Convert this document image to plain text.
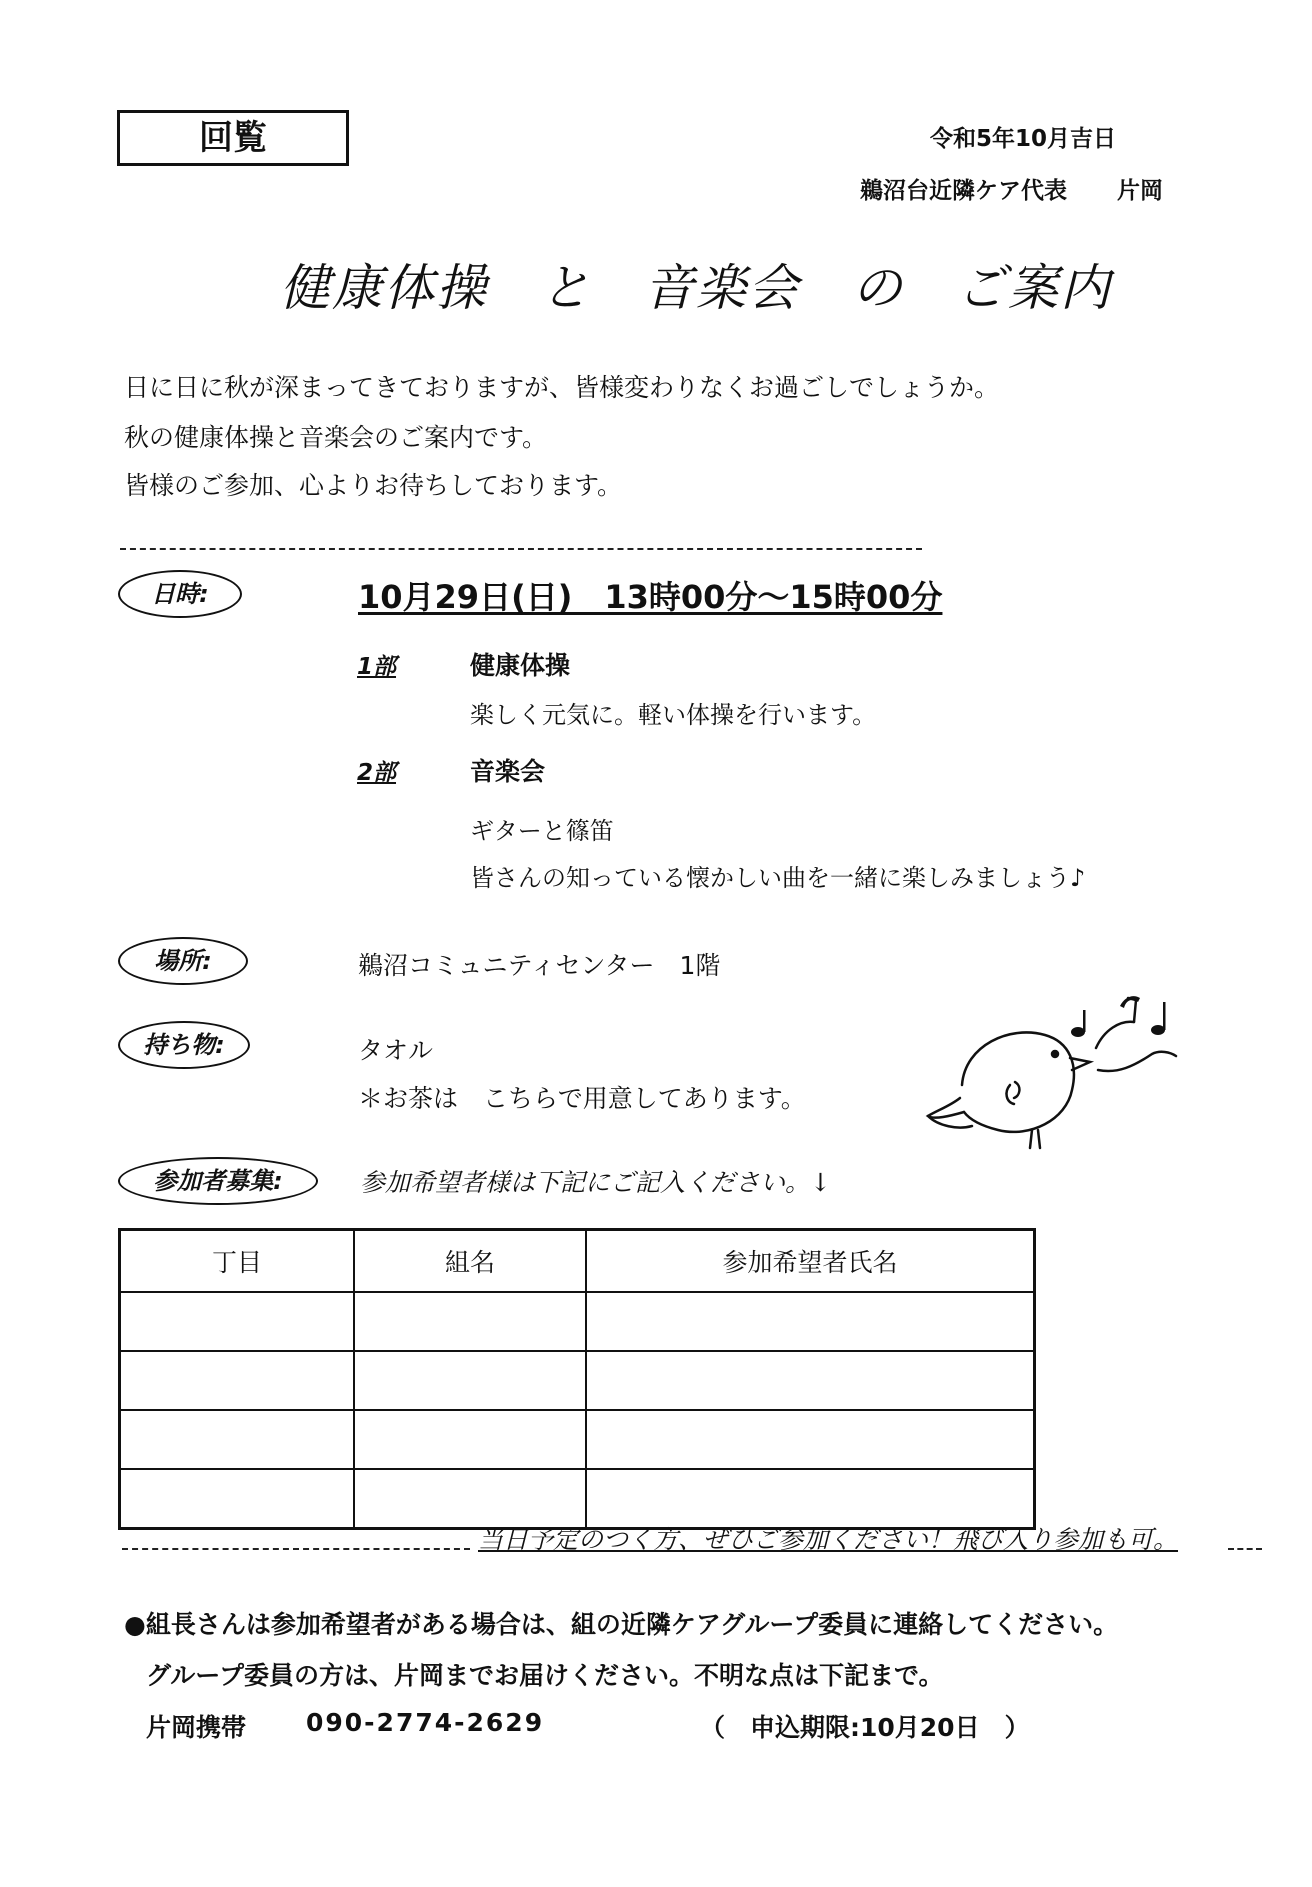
回覧	令和5年10月吉日
鵜沼台近隣ケア代表 片岡
健康体操 と 音楽会 の ご案内
日に日に秋が深まってきておりますが、皆様変わりなくお過ごしでしょうか。
秋の健康体操と音楽会のご案内です。
皆様のご参加、心よりお待ちしております。
日時:	10月29日(日)　13時00分～15時00分
1部	健康体操
楽しく元気に。軽い体操を行います。
2部	音楽会
ギターと篠笛
皆さんの知っている懐かしい曲を一緒に楽しみましょう♪
場所:	鵜沼コミュニティセンター　1階
持ち物:	タオル
＊お茶は　こちらで用意してあります。
参加者募集:	参加希望者様は下記にご記入ください。↓
丁目	組名	参加希望者氏名

当日予定のつく方、ぜひご参加ください！飛び入り参加も可。
●組長さんは参加希望者がある場合は、組の近隣ケアグループ委員に連絡してください。
グループ委員の方は、片岡までお届けください。不明な点は下記まで。
片岡携帯 090-2774-2629	（　申込期限:10月20日　）
